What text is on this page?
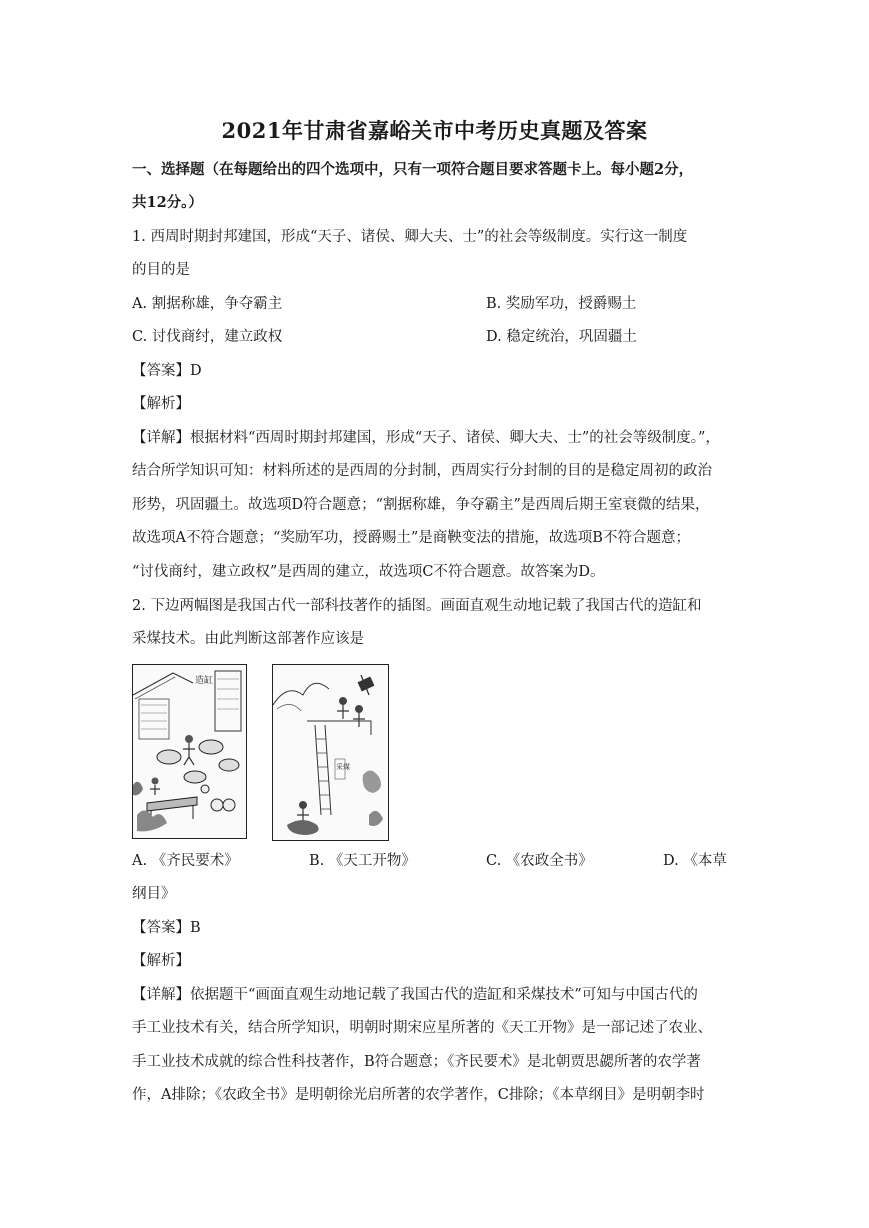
2021年甘肃省嘉峪关市中考历史真题及答案
一、选择题（在每题给出的四个选项中，只有一项符合题目要求答题卡上。每小题2分，
共12分。）
1. 西周时期封邦建国，形成“天子、诸侯、卿大夫、士”的社会等级制度。实行这一制度
的目的是
A. 割据称雄，争夺霸主	B. 奖励军功，授爵赐土
C. 讨伐商纣，建立政权	D. 稳定统治，巩固疆土
【答案】D
【解析】
【详解】根据材料“西周时期封邦建国，形成“天子、诸侯、卿大夫、士”的社会等级制度。”，
结合所学知识可知：材料所述的是西周的分封制，西周实行分封制的目的是稳定周初的政治
形势，巩固疆土。故选项D符合题意；“割据称雄，争夺霸主”是西周后期王室衰微的结果，
故选项A不符合题意；“奖励军功，授爵赐土”是商鞅变法的措施，故选项B不符合题意；
“讨伐商纣，建立政权”是西周的建立，故选项C不符合题意。故答案为D。
2. 下边两幅图是我国古代一部科技著作的插图。画面直观生动地记载了我国古代的造缸和
采煤技术。由此判断这部著作应该是
造缸
采煤
A. 《齐民要术》	B. 《天工开物》	C. 《农政全书》	D. 《本草
纲目》
【答案】B
【解析】
【详解】依据题干“画面直观生动地记载了我国古代的造缸和采煤技术”可知与中国古代的
手工业技术有关，结合所学知识，明朝时期宋应星所著的《天工开物》是一部记述了农业、
手工业技术成就的综合性科技著作，B符合题意；《齐民要术》是北朝贾思勰所著的农学著
作，A排除；《农政全书》是明朝徐光启所著的农学著作，C排除；《本草纲目》是明朝李时
